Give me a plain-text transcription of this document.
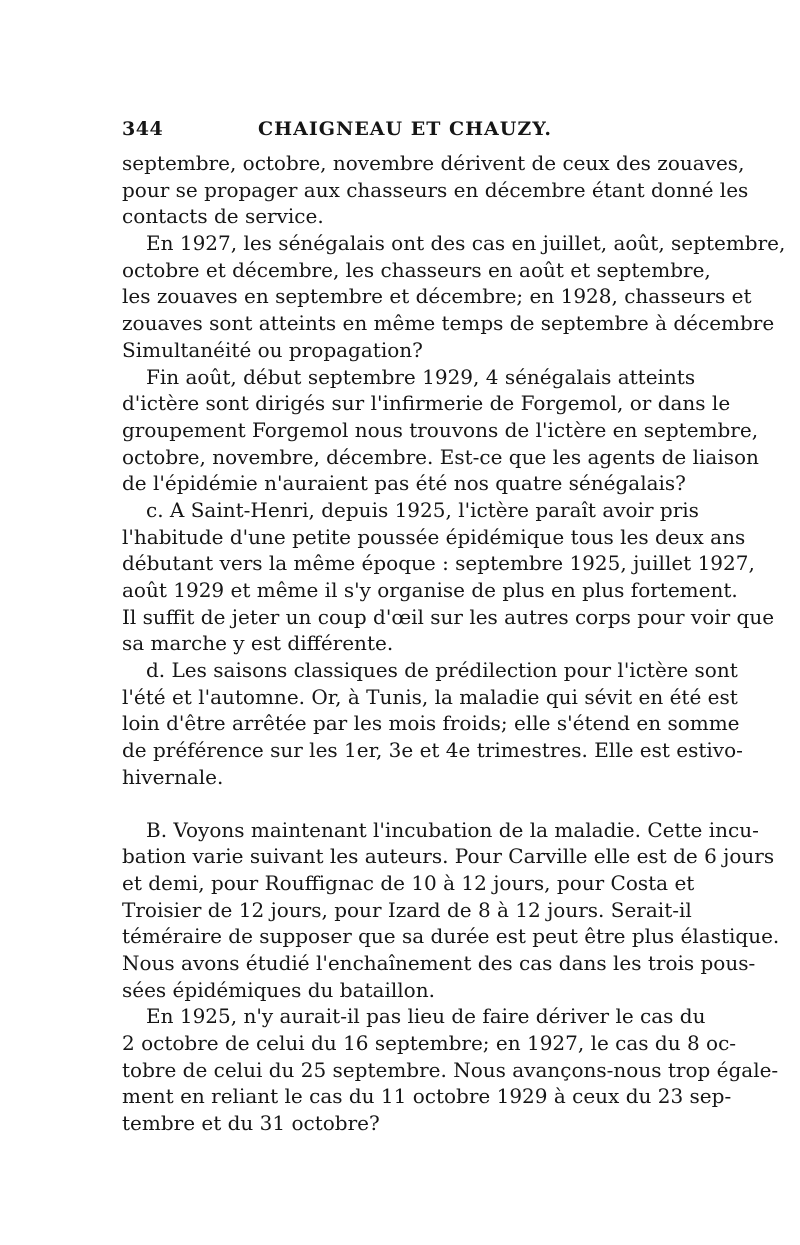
344	CHAIGNEAU ET CHAUZY.
septembre, octobre, novembre dérivent de ceux des zouaves,
pour se propager aux chasseurs en décembre étant donné les
contacts de service.
En 1927, les sénégalais ont des cas en juillet, août, septembre,
octobre et décembre, les chasseurs en août et septembre,
les zouaves en septembre et décembre; en 1928, chasseurs et
zouaves sont atteints en même temps de septembre à décembre
Simultanéité ou propagation?
Fin août, début septembre 1929, 4 sénégalais atteints
d'ictère sont dirigés sur l'infirmerie de Forgemol, or dans le
groupement Forgemol nous trouvons de l'ictère en septembre,
octobre, novembre, décembre. Est-ce que les agents de liaison
de l'épidémie n'auraient pas été nos quatre sénégalais?
c. A Saint-Henri, depuis 1925, l'ictère paraît avoir pris
l'habitude d'une petite poussée épidémique tous les deux ans
débutant vers la même époque : septembre 1925, juillet 1927,
août 1929 et même il s'y organise de plus en plus fortement.
Il suffit de jeter un coup d'œil sur les autres corps pour voir que
sa marche y est différente.
d. Les saisons classiques de prédilection pour l'ictère sont
l'été et l'automne. Or, à Tunis, la maladie qui sévit en été est
loin d'être arrêtée par les mois froids; elle s'étend en somme
de préférence sur les 1er, 3e et 4e trimestres. Elle est estivo-
hivernale.
B. Voyons maintenant l'incubation de la maladie. Cette incu-
bation varie suivant les auteurs. Pour Carville elle est de 6 jours
et demi, pour Rouffignac de 10 à 12 jours, pour Costa et
Troisier de 12 jours, pour Izard de 8 à 12 jours. Serait-il
téméraire de supposer que sa durée est peut être plus élastique.
Nous avons étudié l'enchaînement des cas dans les trois pous-
sées épidémiques du bataillon.
En 1925, n'y aurait-il pas lieu de faire dériver le cas du
2 octobre de celui du 16 septembre; en 1927, le cas du 8 oc-
tobre de celui du 25 septembre. Nous avançons-nous trop égale-
ment en reliant le cas du 11 octobre 1929 à ceux du 23 sep-
tembre et du 31 octobre?
